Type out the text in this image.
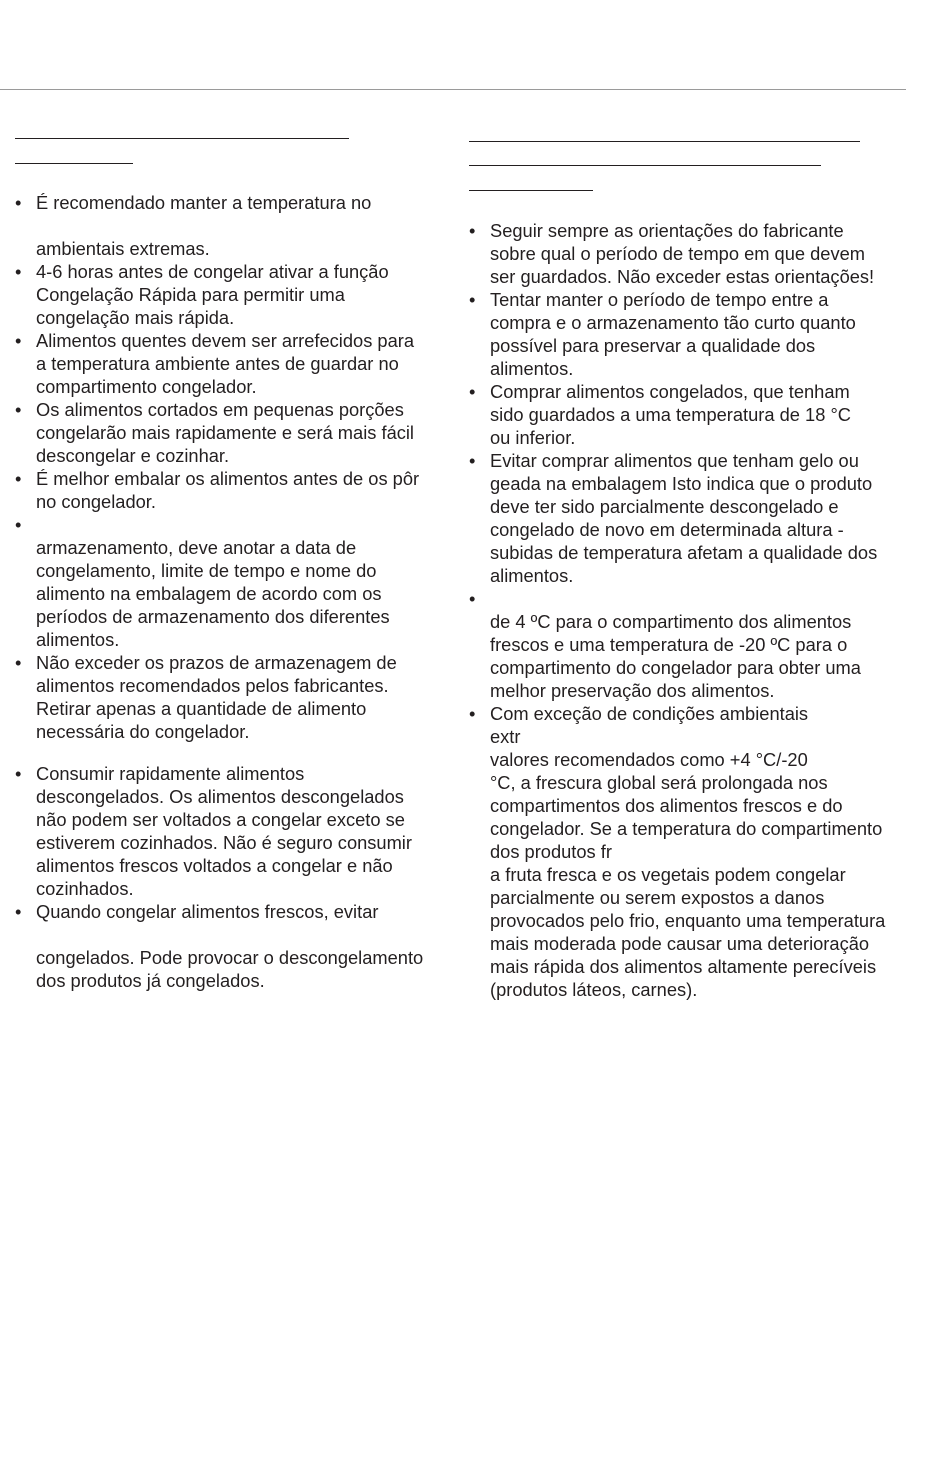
• É recomendado manter a temperatura no

ambientais extremas.
• 4-6 horas antes de congelar ativar a função
Congelação Rápida para permitir uma
congelação mais rápida.
• Alimentos quentes devem ser arrefecidos para
a temperatura ambiente antes de guardar no
compartimento congelador.
• Os alimentos cortados em pequenas porções
congelarão mais rapidamente e será mais fácil
descongelar e cozinhar.
• É melhor embalar os alimentos antes de os pôr
no congelador.
•

armazenamento, deve anotar a data de
congelamento, limite de tempo e nome do
alimento na embalagem de acordo com os
períodos de armazenamento dos diferentes
alimentos.
• Não exceder os prazos de armazenagem de
alimentos recomendados pelos fabricantes.
Retirar apenas a quantidade de alimento
necessária do congelador.
• Consumir rapidamente alimentos
descongelados. Os alimentos descongelados
não podem ser voltados a congelar exceto se
estiverem cozinhados. Não é seguro consumir
alimentos frescos voltados a congelar e não
cozinhados.
• Quando congelar alimentos frescos, evitar

congelados. Pode provocar o descongelamento
dos produtos já congelados.
• Seguir sempre as orientações do fabricante
sobre qual o período de tempo em que devem
ser guardados. Não exceder estas orientações!
• Tentar manter o período de tempo entre a
compra e o armazenamento tão curto quanto
possível para preservar a qualidade dos
alimentos.
• Comprar alimentos congelados, que tenham
sido guardados a uma temperatura de 18 °C
ou inferior.
• Evitar comprar alimentos que tenham gelo ou
geada na embalagem Isto indica que o produto
deve ter sido parcialmente descongelado e
congelado de novo em determinada altura -
subidas de temperatura afetam a qualidade dos
alimentos.
•

de 4 ºC para o compartimento dos alimentos
frescos e uma temperatura de -20 ºC para o
compartimento do congelador para obter uma
melhor preservação dos alimentos.
• Com exceção de condições ambientais
extr
valores recomendados como +4 °C/-20
°C, a frescura global será prolongada nos
compartimentos dos alimentos frescos e do
congelador. Se a temperatura do compartimento
dos produtos fr
a fruta fresca e os vegetais podem congelar
parcialmente ou serem expostos a danos
provocados pelo frio, enquanto uma temperatura
mais moderada pode causar uma deterioração
mais rápida dos alimentos altamente perecíveis
(produtos láteos, carnes).
